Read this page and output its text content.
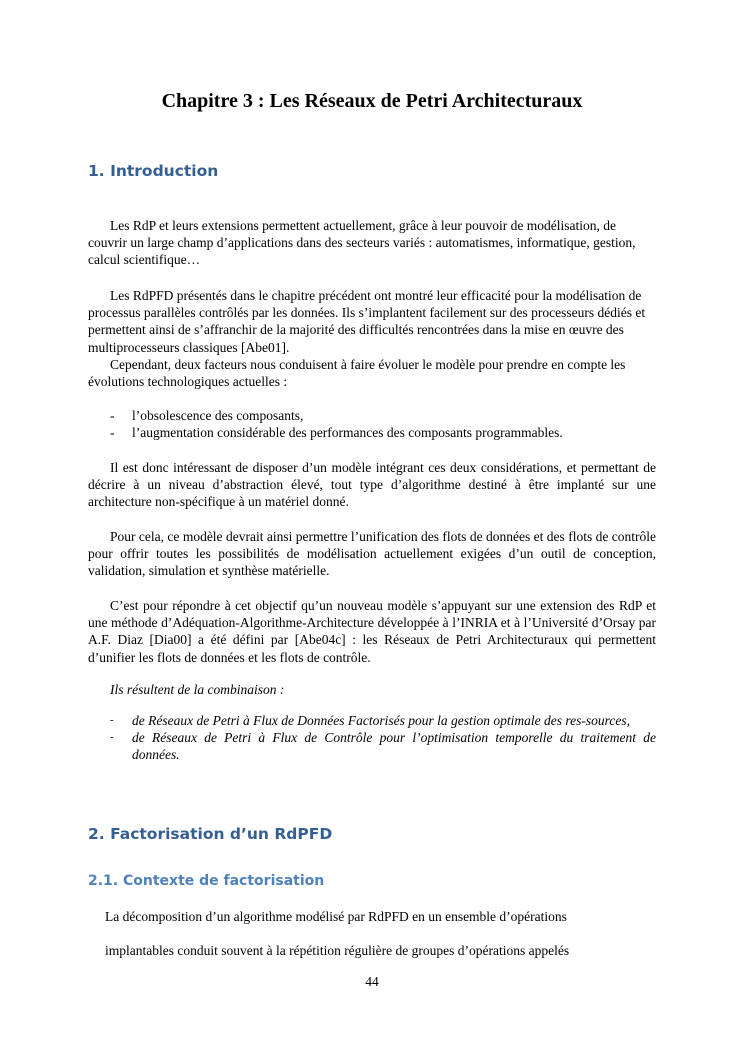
Chapitre 3 : Les Réseaux de Petri Architecturaux
1. Introduction

Les RdP et leurs extensions permettent actuellement, grâce à leur pouvoir de modélisation, de couvrir un large champ d’applications dans des secteurs variés : automatismes, informatique, gestion, calcul scientifique…

Les RdPFD présentés dans le chapitre précédent ont montré leur efficacité pour la modélisation de processus parallèles contrôlés par les données. Ils s’implantent facilement sur des processeurs dédiés et permettent ainsi de s’affranchir de la majorité des difficultés rencontrées dans la mise en œuvre des multiprocesseurs classiques [Abe01].

Cependant, deux facteurs nous conduisent à faire évoluer le modèle pour prendre en compte les évolutions technologiques actuelles :

- l’obsolescence des composants,
- l’augmentation considérable des performances des composants programmables.

Il est donc intéressant de disposer d’un modèle intégrant ces deux considérations, et permettant de décrire à un niveau d’abstraction élevé, tout type d’algorithme destiné à être implanté sur une architecture non-spécifique à un matériel donné.

Pour cela, ce modèle devrait ainsi permettre l’unification des flots de données et des flots de contrôle pour offrir toutes les possibilités de modélisation actuellement exigées d’un outil de conception, validation, simulation et synthèse matérielle.

C’est pour répondre à cet objectif qu’un nouveau modèle s’appuyant sur une extension des RdP et une méthode d’Adéquation-Algorithme-Architecture développée à l’INRIA et à l’Université d’Orsay par A.F. Diaz [Dia00] a été défini par [Abe04c] : les Réseaux de Petri Architecturaux qui permettent d’unifier les flots de données et les flots de contrôle.

Ils résultent de la combinaison :

- de Réseaux de Petri à Flux de Données Factorisés pour la gestion optimale des res-sources,
- de Réseaux de Petri à Flux de Contrôle pour l’optimisation temporelle du traitement de données.
2. Factorisation d’un RdPFD
2.1. Contexte de factorisation

La décomposition d’un algorithme modélisé par RdPFD en un ensemble d’opérations

implantables conduit souvent à la répétition régulière de groupes d’opérations appelés

44
